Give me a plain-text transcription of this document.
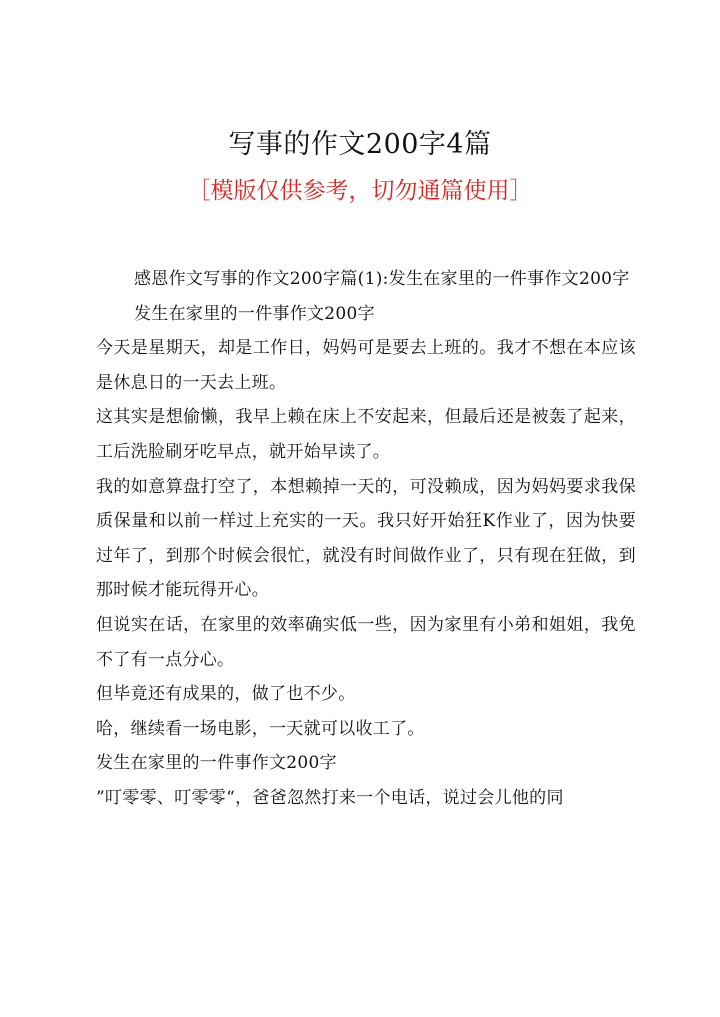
写事的作文200字4篇
［模版仅供参考，切勿通篇使用］

感恩作文写事的作文200字篇(1):发生在家里的一件事作文200字

发生在家里的一件事作文200字

今天是星期天，却是工作日，妈妈可是要去上班的。我才不想在本应该是休息日的一天去上班。

这其实是想偷懒，我早上赖在床上不安起来，但最后还是被轰了起来，工后洗脸刷牙吃早点，就开始早读了。

我的如意算盘打空了，本想赖掉一天的，可没赖成，因为妈妈要求我保质保量和以前一样过上充实的一天。我只好开始狂K作业了，因为快要过年了，到那个时候会很忙，就没有时间做作业了，只有现在狂做，到那时候才能玩得开心。

但说实在话，在家里的效率确实低一些，因为家里有小弟和姐姐，我免不了有一点分心。

但毕竟还有成果的，做了也不少。

哈，继续看一场电影，一天就可以收工了。

发生在家里的一件事作文200字

”叮零零、叮零零“，爸爸忽然打来一个电话，说过会儿他的同
